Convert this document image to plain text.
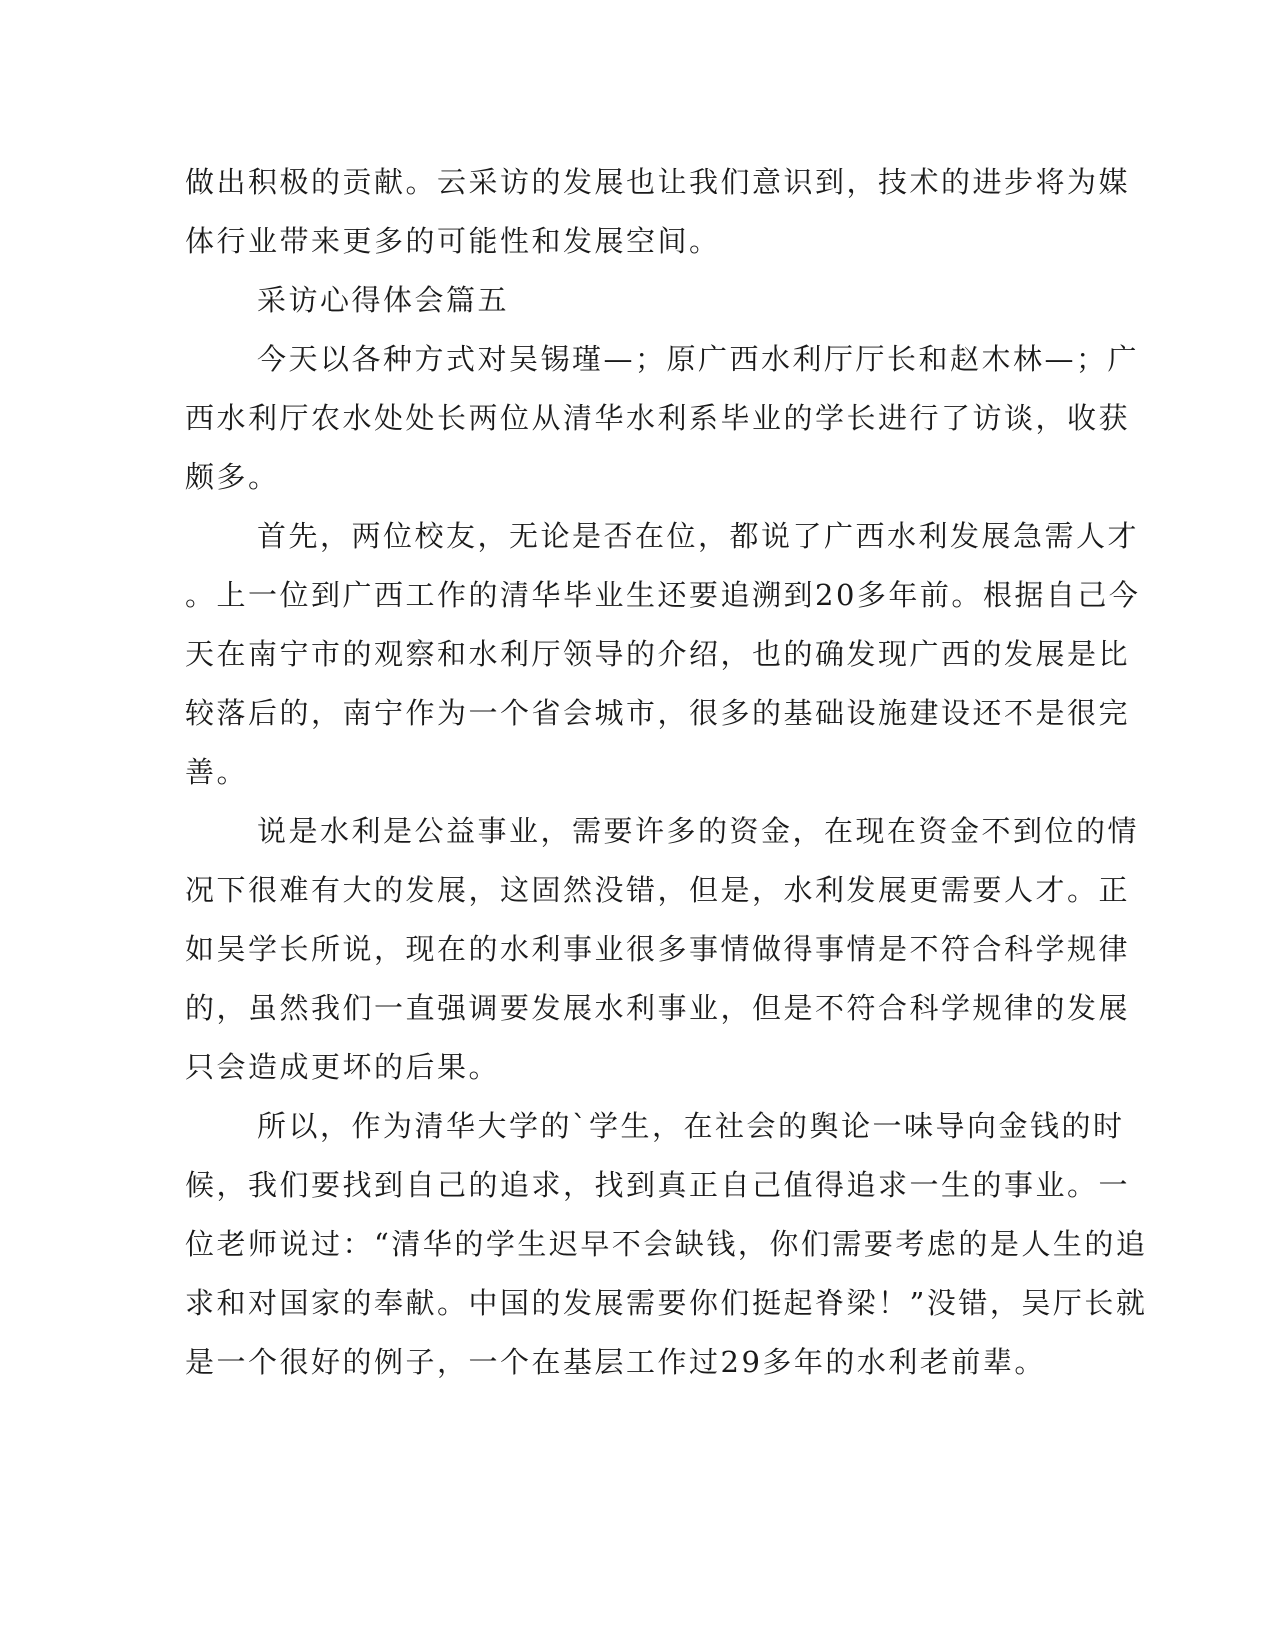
做出积极的贡献。云采访的发展也让我们意识到，技术的进步将为媒
体行业带来更多的可能性和发展空间。
采访心得体会篇五
今天以各种方式对吴锡瑾—；原广西水利厅厅长和赵木林—；广
西水利厅农水处处长两位从清华水利系毕业的学长进行了访谈，收获
颇多。
首先，两位校友，无论是否在位，都说了广西水利发展急需人才
。上一位到广西工作的清华毕业生还要追溯到20多年前。根据自己今
天在南宁市的观察和水利厅领导的介绍，也的确发现广西的发展是比
较落后的，南宁作为一个省会城市，很多的基础设施建设还不是很完
善。
说是水利是公益事业，需要许多的资金，在现在资金不到位的情
况下很难有大的发展，这固然没错，但是，水利发展更需要人才。正
如吴学长所说，现在的水利事业很多事情做得事情是不符合科学规律
的，虽然我们一直强调要发展水利事业，但是不符合科学规律的发展
只会造成更坏的后果。
所以，作为清华大学的`学生，在社会的舆论一味导向金钱的时
候，我们要找到自己的追求，找到真正自己值得追求一生的事业。一
位老师说过：“清华的学生迟早不会缺钱，你们需要考虑的是人生的追
求和对国家的奉献。中国的发展需要你们挺起脊梁！”没错，吴厅长就
是一个很好的例子，一个在基层工作过29多年的水利老前辈。
